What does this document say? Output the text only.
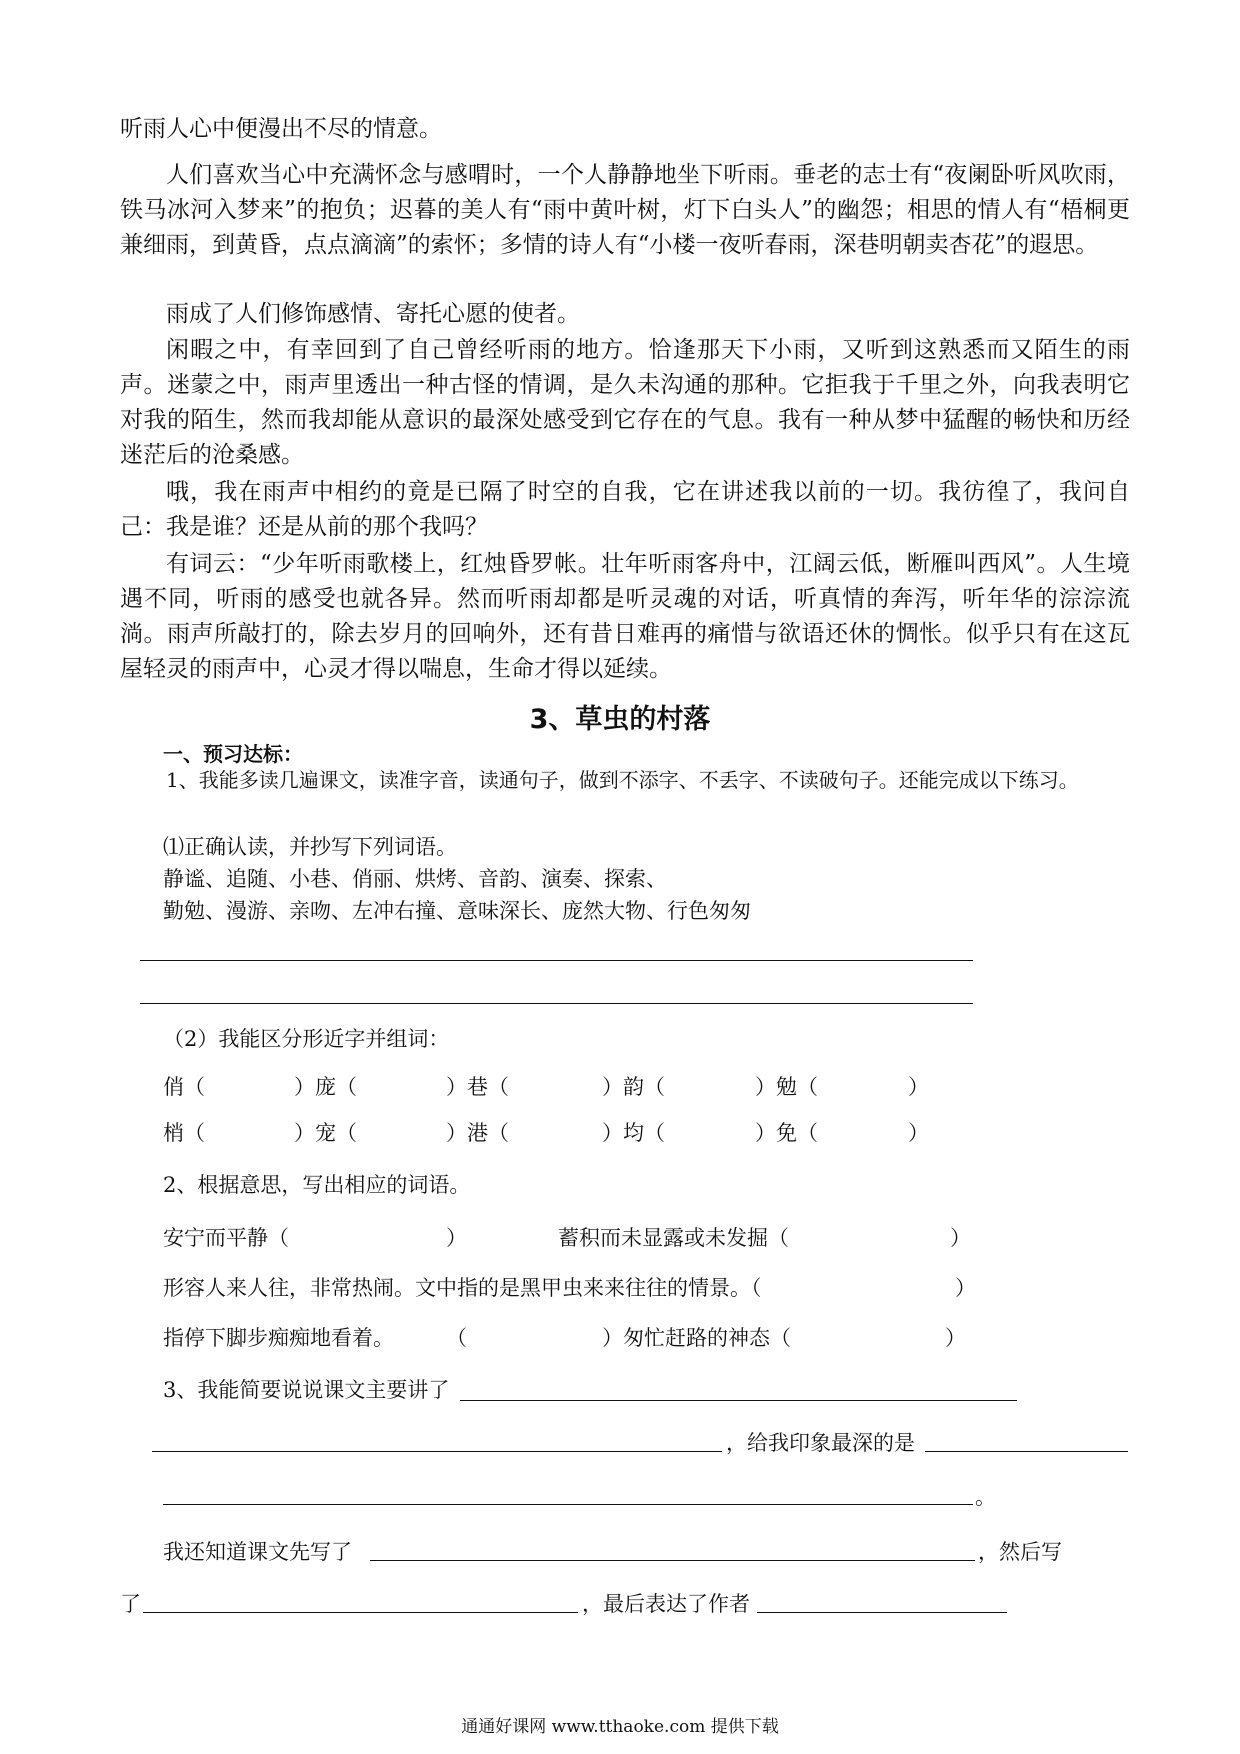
听雨人心中便漫出不尽的情意。

人们喜欢当心中充满怀念与感喟时，一个人静静地坐下听雨。垂老的志士有“夜阑卧听风吹雨，铁马冰河入梦来”的抱负；迟暮的美人有“雨中黄叶树，灯下白头人”的幽怨；相思的情人有“梧桐更兼细雨，到黄昏，点点滴滴”的索怀；多情的诗人有“小楼一夜听春雨，深巷明朝卖杏花”的遐思。

雨成了人们修饰感情、寄托心愿的使者。

闲暇之中，有幸回到了自己曾经听雨的地方。恰逢那天下小雨，又听到这熟悉而又陌生的雨声。迷蒙之中，雨声里透出一种古怪的情调，是久未沟通的那种。它拒我于千里之外，向我表明它对我的陌生，然而我却能从意识的最深处感受到它存在的气息。我有一种从梦中猛醒的畅快和历经迷茫后的沧桑感。

哦，我在雨声中相约的竟是已隔了时空的自我，它在讲述我以前的一切。我彷徨了，我问自己：我是谁？还是从前的那个我吗？

有词云：“少年听雨歌楼上，红烛昏罗帐。壮年听雨客舟中，江阔云低，断雁叫西风”。人生境遇不同，听雨的感受也就各异。然而听雨却都是听灵魂的对话，听真情的奔泻，听年华的淙淙流淌。雨声所敲打的，除去岁月的回响外，还有昔日难再的痛惜与欲语还休的惆怅。似乎只有在这瓦屋轻灵的雨声中，心灵才得以喘息，生命才得以延续。

3、草虫的村落
一、预习达标：

1、我能多读几遍课文，读准字音，读通句子，做到不添字、不丢字、不读破句子。还能完成以下练习。

⑴正确认读，并抄写下列词语。
静谧、追随、小巷、俏丽、烘烤、音韵、演奏、探索、
勤勉、漫游、亲吻、左冲右撞、意味深长、庞然大物、行色匆匆
（2）我能区分形近字并组词：
俏（	）庞（	）巷（	）韵（	）勉（	）
梢（	）宠（	）港（	）均（	）免（	）
2、根据意思，写出相应的词语。
安宁而平静（	）	蓄积而未显露或未发掘（	）
形容人来人往，非常热闹。文中指的是黑甲虫来来往往的情景。（	）
指停下脚步痴痴地看着。 （	）匆忙赶路的神态（	）
3、我能简要说说课文主要讲了
，给我印象最深的是
。
我还知道课文先写了	，然后写
了	，最后表达了作者
通通好课网 www.tthaoke.com 提供下载
